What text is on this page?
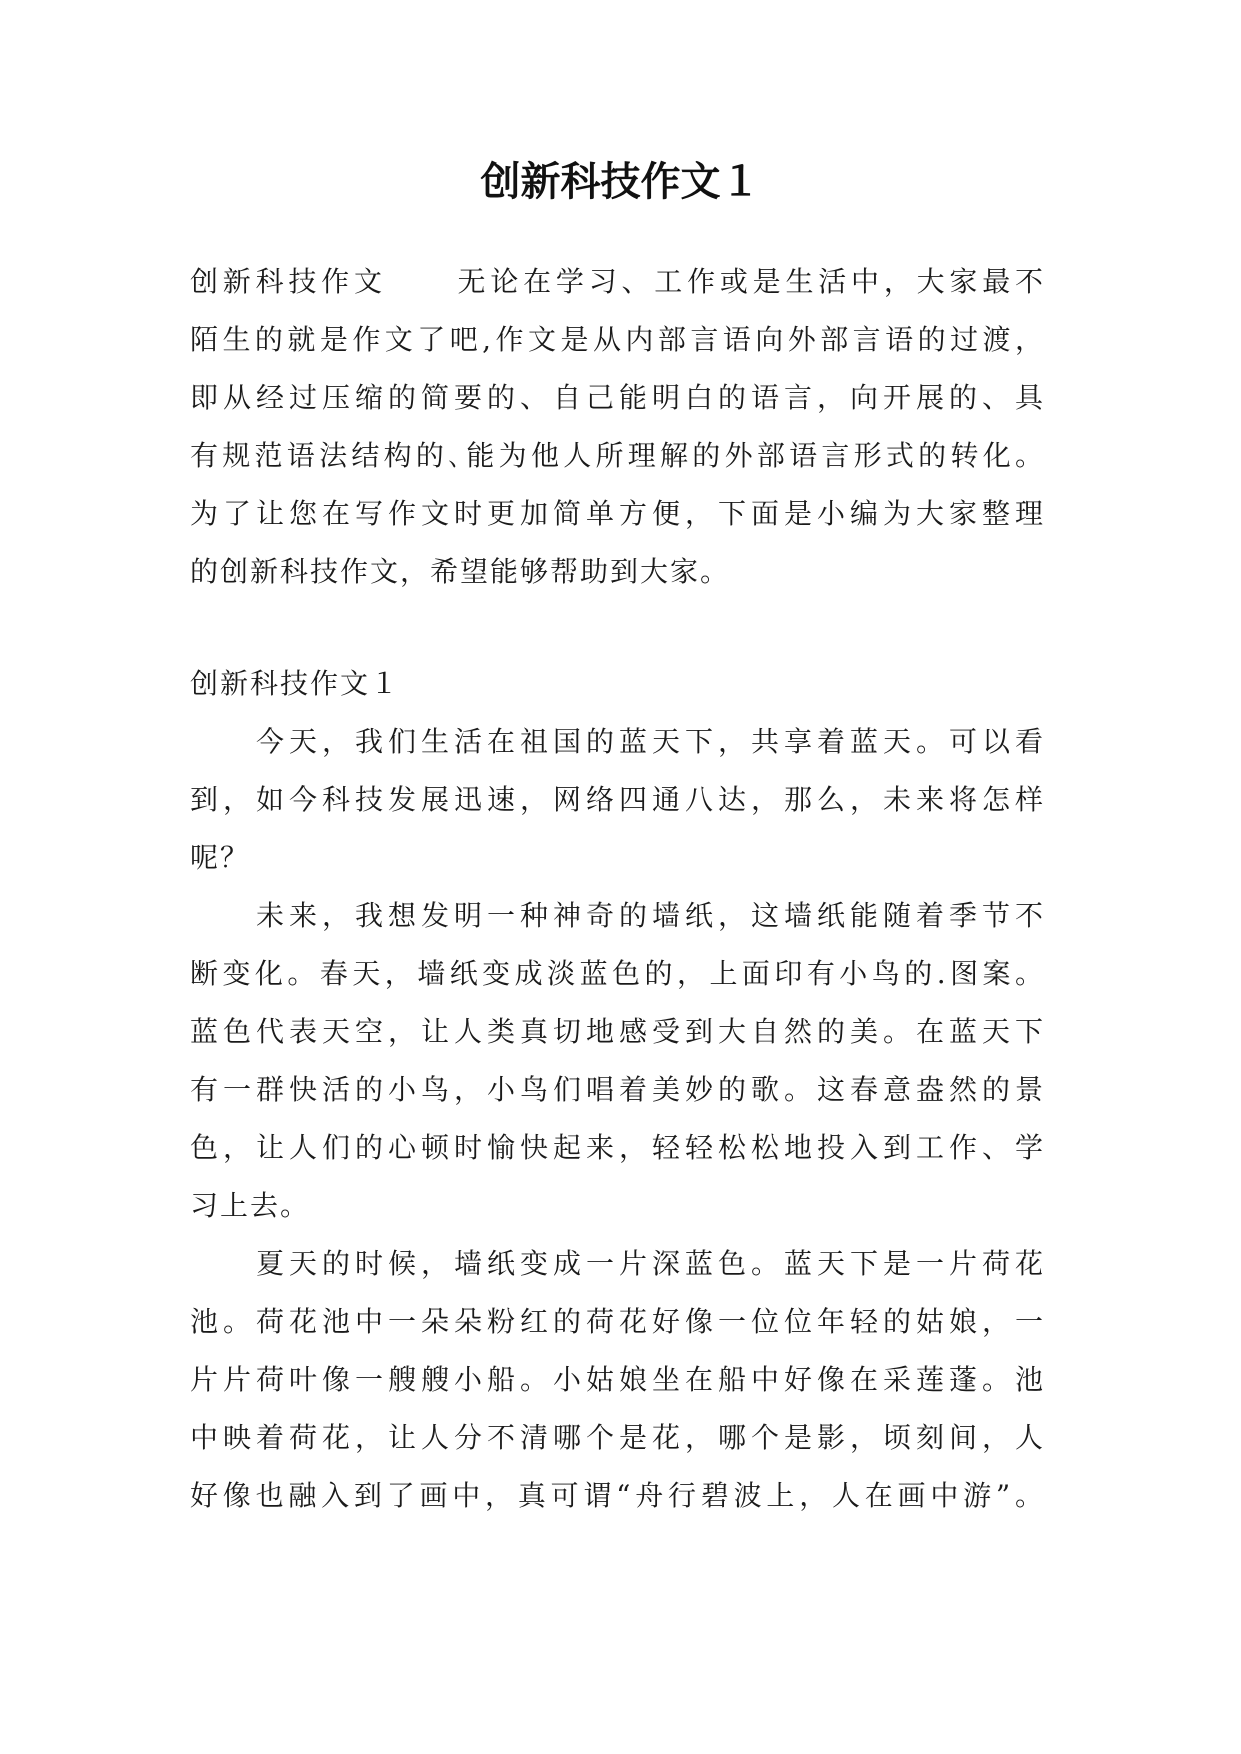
创新科技作文１

创新科技作文 无论在学习、工作或是生活中，大家最不

陌生的就是作文了吧,作文是从内部言语向外部言语的过渡，

即从经过压缩的简要的、自己能明白的语言，向开展的、具

有规范语法结构的､能为他人所理解的外部语言形式的转化。

为了让您在写作文时更加简单方便，下面是小编为大家整理

的创新科技作文，希望能够帮助到大家。

创新科技作文１

今天，我们生活在祖国的蓝天下，共享着蓝天。可以看

到，如今科技发展迅速，网络四通八达，那么，未来将怎样

呢？

未来，我想发明一种神奇的墙纸，这墙纸能随着季节不

断变化。春天，墙纸变成淡蓝色的，上面印有小鸟的.图案。

蓝色代表天空，让人类真切地感受到大自然的美。在蓝天下

有一群快活的小鸟，小鸟们唱着美妙的歌。这春意盎然的景

色，让人们的心顿时愉快起来，轻轻松松地投入到工作、学

习上去。

夏天的时候，墙纸变成一片深蓝色。蓝天下是一片荷花

池。荷花池中一朵朵粉红的荷花好像一位位年轻的姑娘，一

片片荷叶像一艘艘小船。小姑娘坐在船中好像在采莲蓬。池

中映着荷花，让人分不清哪个是花，哪个是影，顷刻间，人

好像也融入到了画中，真可谓“舟行碧波上，人在画中游”。
